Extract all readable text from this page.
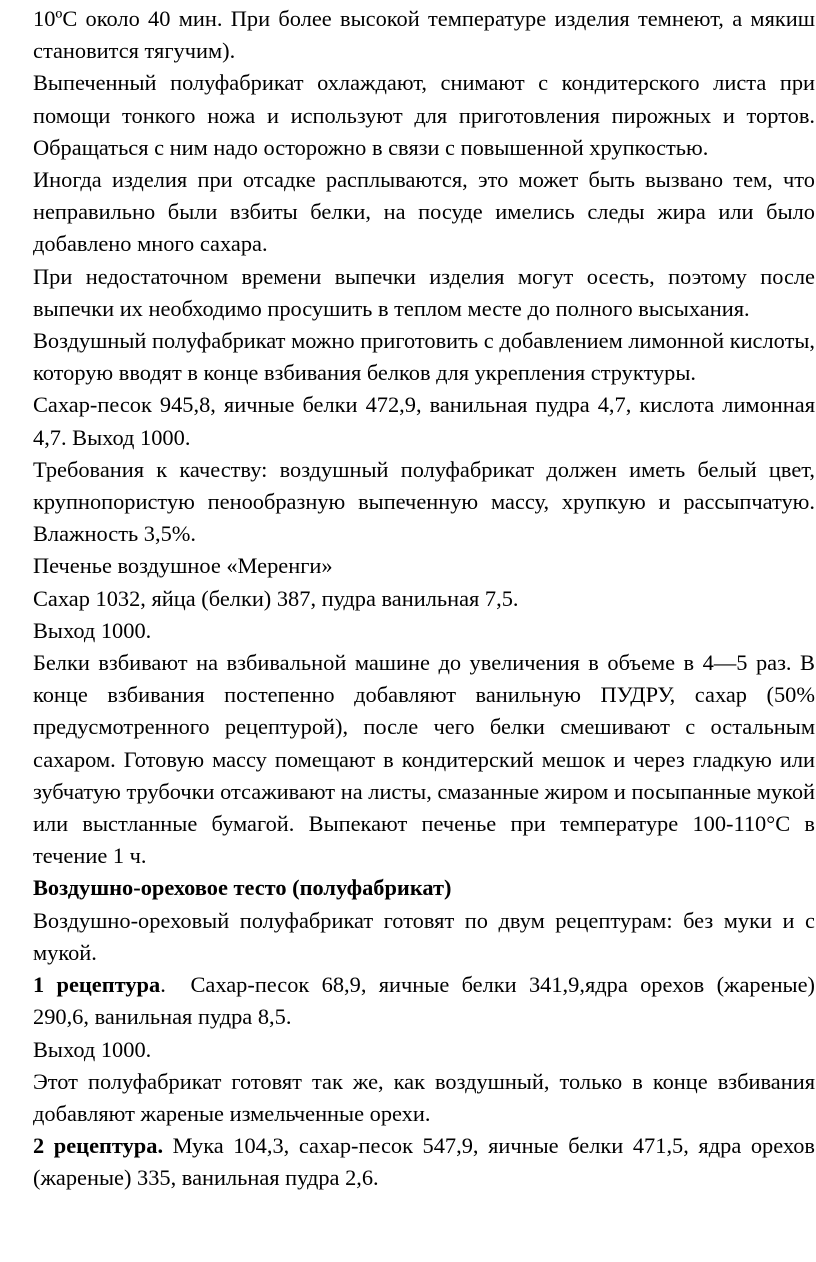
10ºС около 40 мин. При более высокой температуре изделия темнеют, а мякиш становится тягучим).

Выпеченный полуфабрикат охлаждают, снимают с кондитерского листа при помощи тонкого ножа и используют для приготовления пирожных и тортов. Обращаться с ним надо осторожно в связи с повышенной хрупкостью.

Иногда изделия при отсадке расплываются, это может быть вызвано тем, что неправильно были взбиты белки, на посуде имелись следы жира или было добавлено много сахара.

При недостаточном времени выпечки изделия могут осесть, поэтому после выпечки их необходимо просушить в теплом месте до полного высыхания.

Воздушный полуфабрикат можно приготовить с добавлением лимонной кислоты, которую вводят в конце взбивания белков для укрепления структуры.

Сахар-песок 945,8, яичные белки 472,9, ванильная пудра 4,7, кислота лимонная 4,7. Выход 1000.

Требования к качеству: воздушный полуфабрикат должен иметь белый цвет, крупнопористую пенообразную выпеченную массу, хрупкую и рассыпчатую. Влажность 3,5%.

Печенье воздушное «Меренги»

Сахар 1032, яйца (белки) 387, пудра ванильная 7,5.

Выход 1000.

Белки взбивают на взбивальной машине до увеличения в объеме в 4—5 раз. В конце взбивания постепенно добавляют ванильную ПУДРУ, сахар (50% предусмотренного рецептурой), после чего белки смешивают с остальным сахаром. Готовую массу помещают в кондитерский мешок и через гладкую или зубчатую трубочки отсаживают на листы, смазанные жиром и посыпанные мукой или выстланные бумагой. Выпекают печенье при температуре 100-110°С в течение 1 ч.

Воздушно-ореховое тесто (полуфабрикат)

Воздушно-ореховый полуфабрикат готовят по двум рецептурам: без муки и с мукой.

1 рецептура.  Сахар-песок 68,9, яичные белки 341,9,ядра орехов (жареные) 290,6, ванильная пудра 8,5.

Выход 1000.

Этот полуфабрикат готовят так же, как воздушный, только в конце взбивания добавляют жареные измельченные орехи.

2 рецептура. Мука 104,3, сахар-песок 547,9, яичные белки 471,5, ядра орехов (жареные) 335, ванильная пудра 2,6.
